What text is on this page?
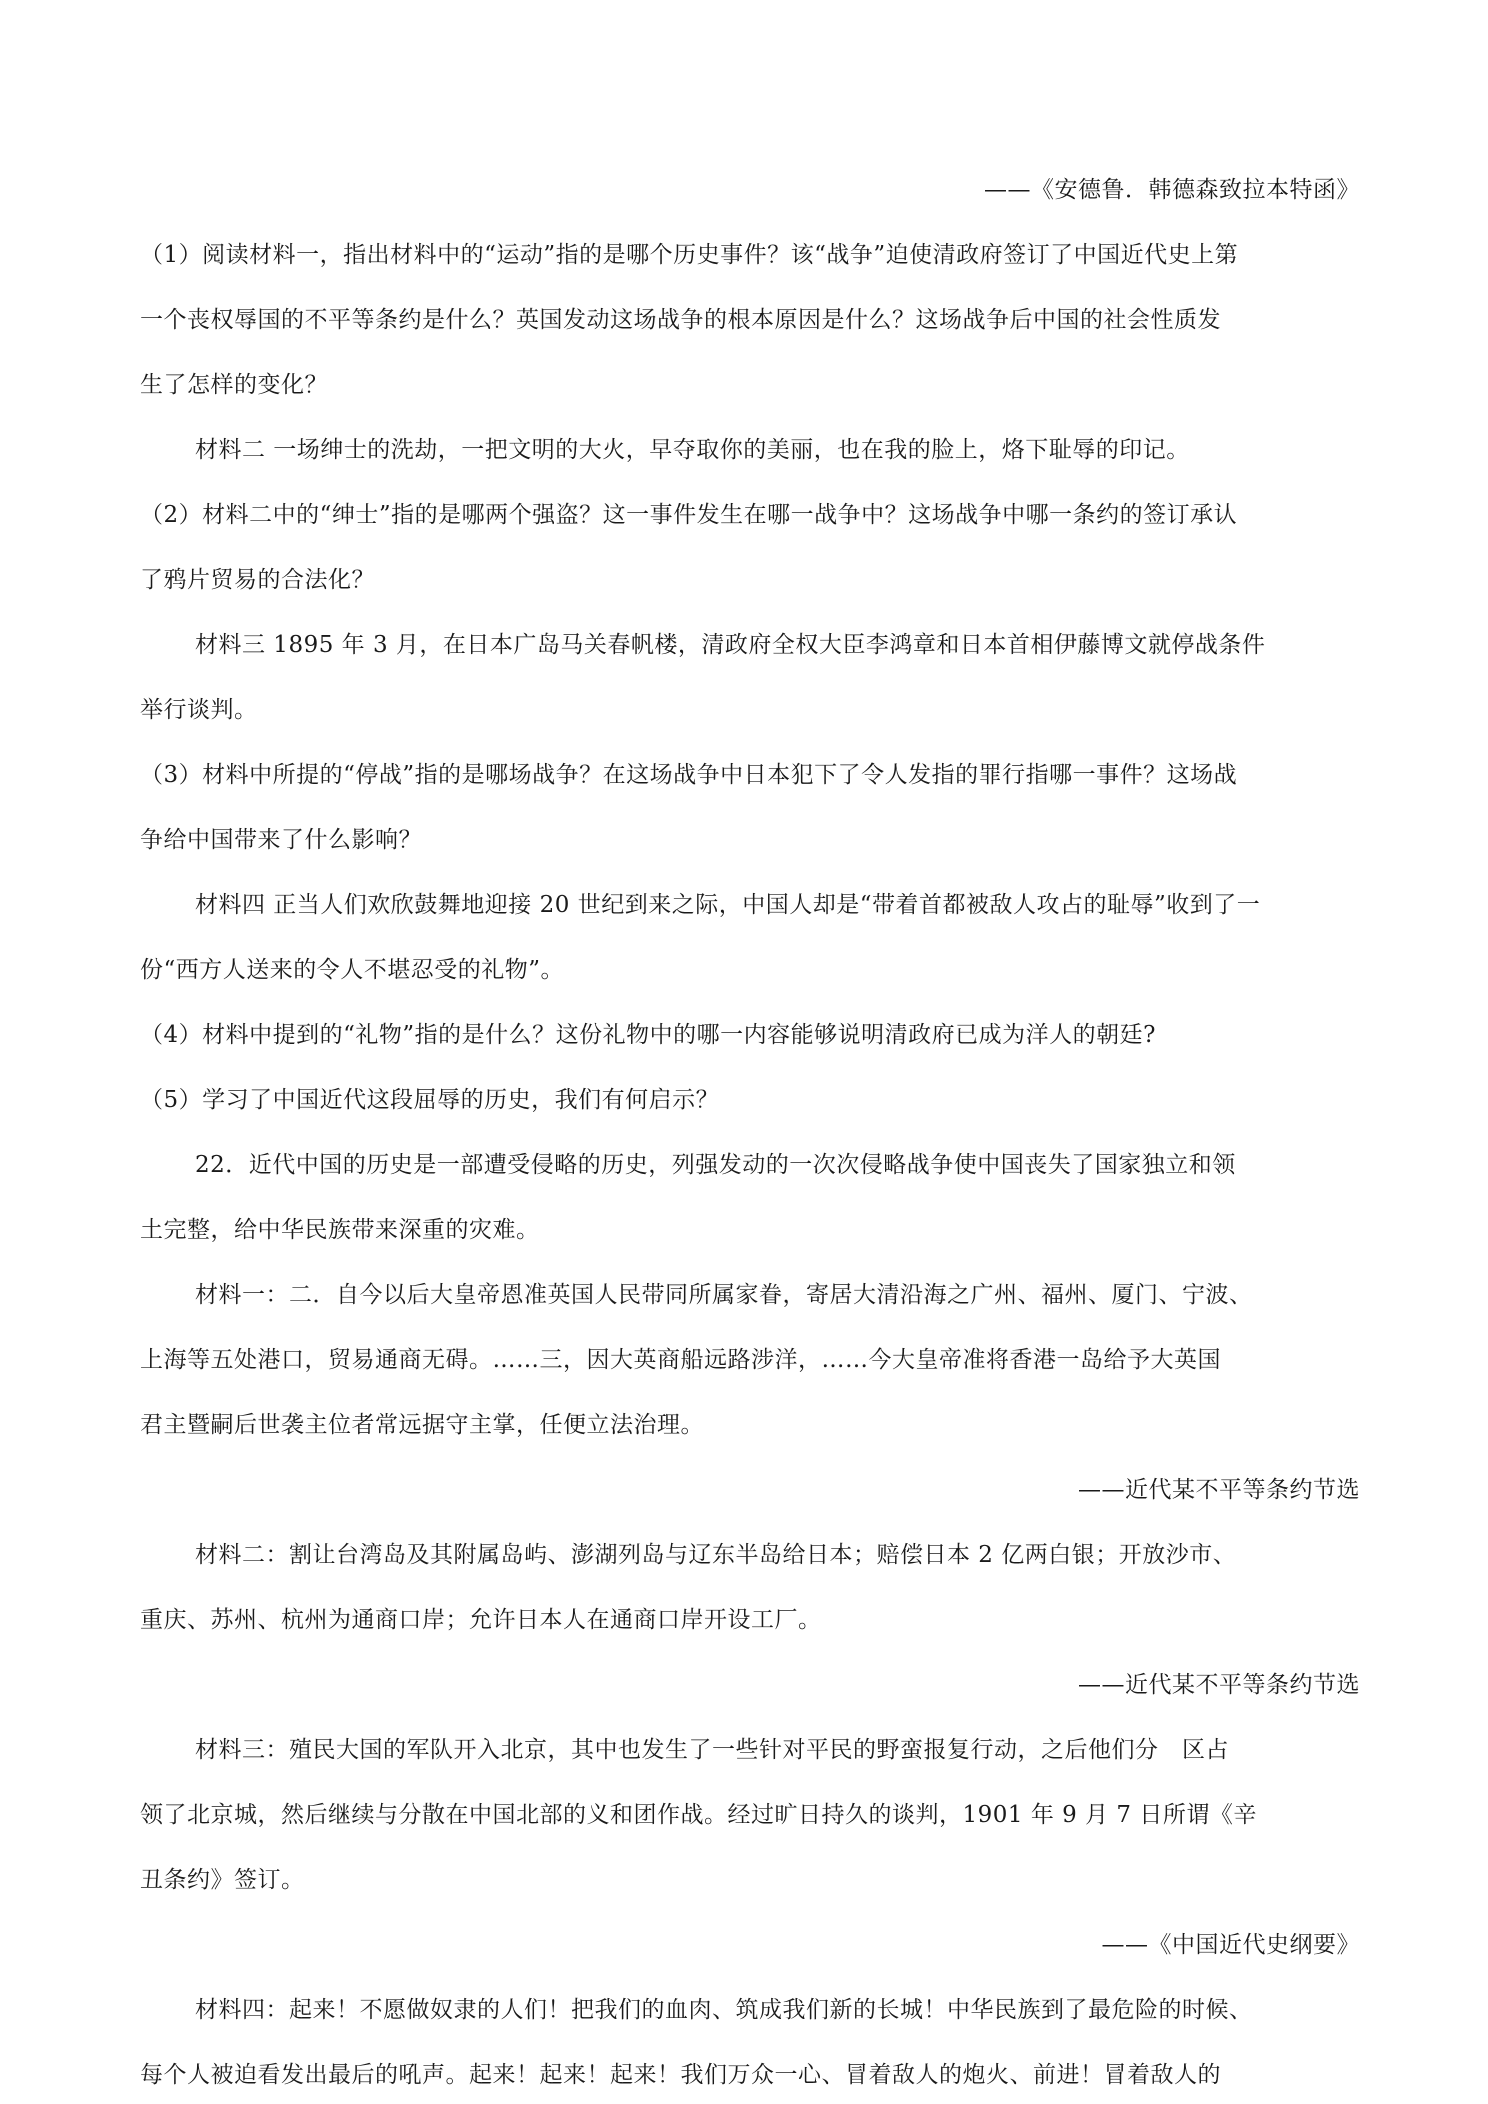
——《安德鲁．韩德森致拉本特函》
（1）阅读材料一，指出材料中的“运动”指的是哪个历史事件？该“战争”迫使清政府签订了中国近代史上第
一个丧权辱国的不平等条约是什么？英国发动这场战争的根本原因是什么？这场战争后中国的社会性质发
生了怎样的变化？
材料二 一场绅士的洗劫，一把文明的大火，早夺取你的美丽，也在我的脸上，烙下耻辱的印记。
（2）材料二中的“绅士”指的是哪两个强盗？这一事件发生在哪一战争中？这场战争中哪一条约的签订承认
了鸦片贸易的合法化？
材料三 1895 年 3 月，在日本广岛马关春帆楼，清政府全权大臣李鸿章和日本首相伊藤博文就停战条件
举行谈判。
（3）材料中所提的“停战”指的是哪场战争？在这场战争中日本犯下了令人发指的罪行指哪一事件？这场战
争给中国带来了什么影响？
材料四 正当人们欢欣鼓舞地迎接 20 世纪到来之际，中国人却是“带着首都被敌人攻占的耻辱”收到了一
份“西方人送来的令人不堪忍受的礼物”。
（4）材料中提到的“礼物”指的是什么？这份礼物中的哪一内容能够说明清政府已成为洋人的朝廷?
（5）学习了中国近代这段屈辱的历史，我们有何启示？
22．近代中国的历史是一部遭受侵略的历史，列强发动的一次次侵略战争使中国丧失了国家独立和领
土完整，给中华民族带来深重的灾难。
材料一：二．自今以后大皇帝恩准英国人民带同所属家眷，寄居大清沿海之广州、福州、厦门、宁波、
上海等五处港口，贸易通商无碍。……三，因大英商船远路涉洋，……今大皇帝准将香港一岛给予大英国
君主暨嗣后世袭主位者常远据守主掌，任便立法治理。
——近代某不平等条约节选
材料二：割让台湾岛及其附属岛屿、澎湖列岛与辽东半岛给日本；赔偿日本 2 亿两白银；开放沙市、
重庆、苏州、杭州为通商口岸；允许日本人在通商口岸开设工厂。
——近代某不平等条约节选
材料三：殖民大国的军队开入北京，其中也发生了一些针对平民的野蛮报复行动，之后他们分　区占
领了北京城，然后继续与分散在中国北部的义和团作战。经过旷日持久的谈判，1901 年 9 月 7 日所谓《辛
丑条约》签订。
——《中国近代史纲要》
材料四：起来！不愿做奴隶的人们！把我们的血肉、筑成我们新的长城！中华民族到了最危险的时候、
每个人被迫看发出最后的吼声。起来！起来！起来！我们万众一心、冒着敌人的炮火、前进！冒着敌人的
